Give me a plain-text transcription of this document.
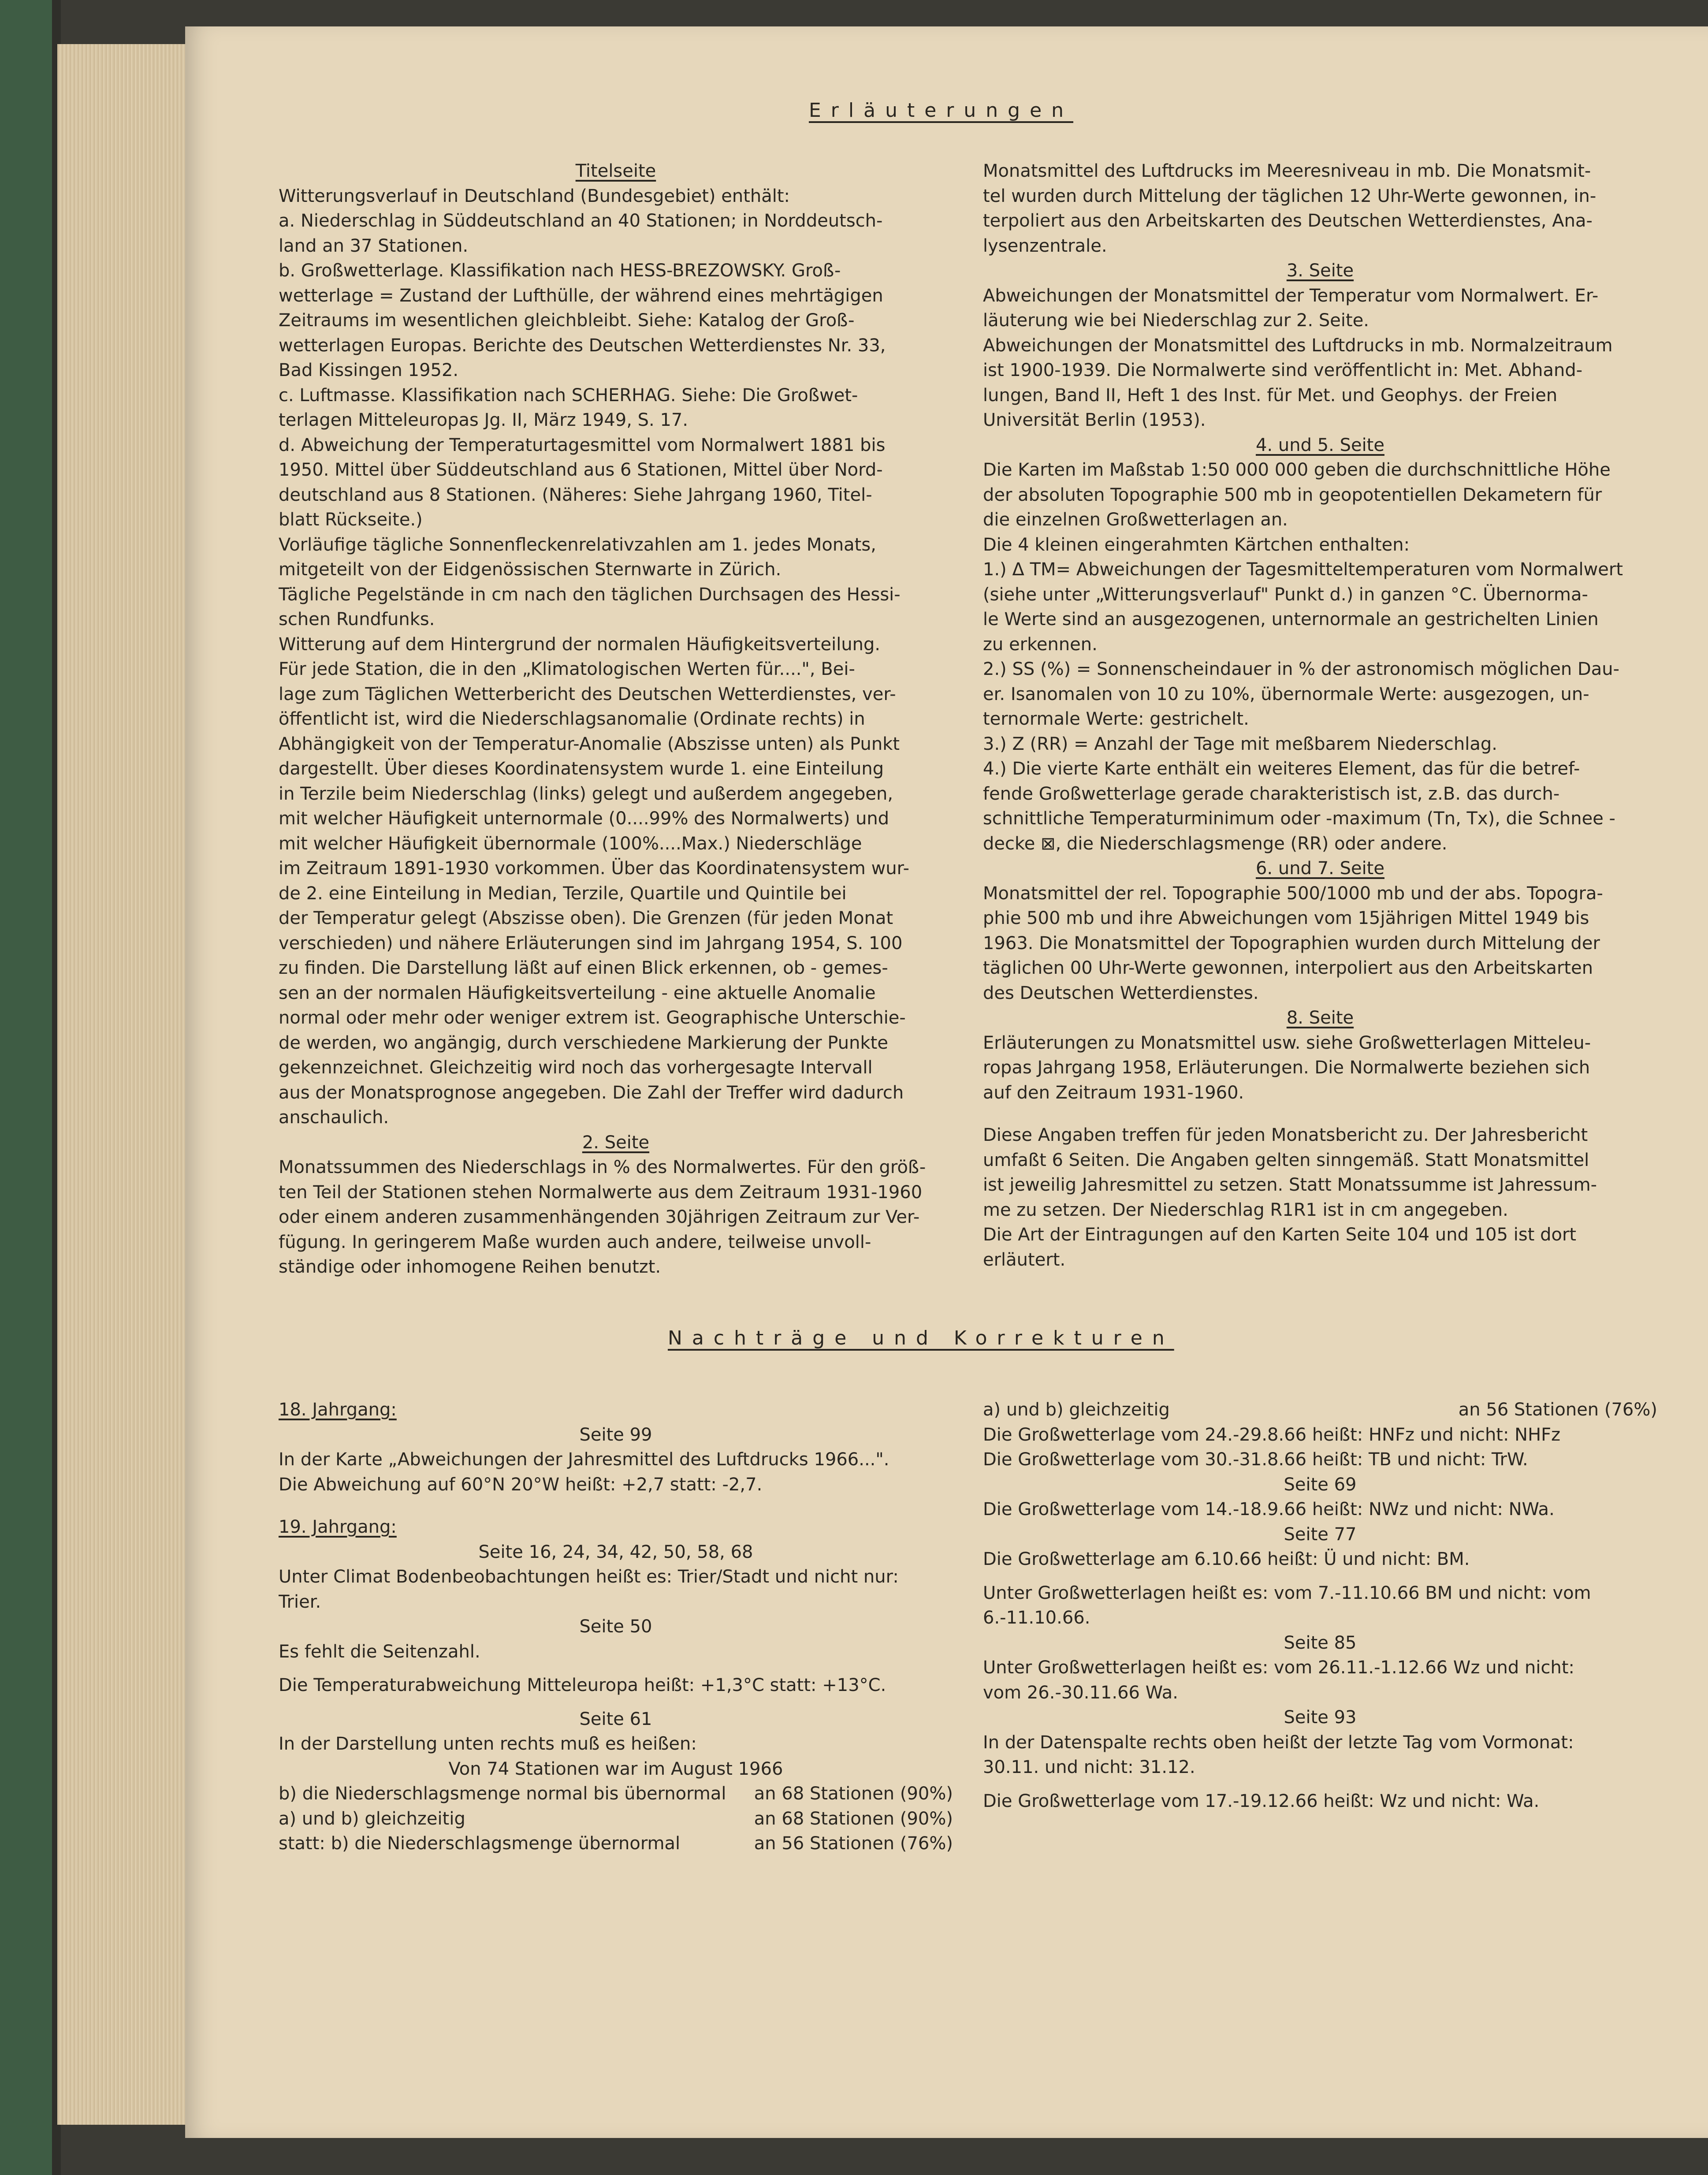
Erläuterungen
Titelseite
Witterungsverlauf in Deutschland (Bundesgebiet) enthält:
a. Niederschlag in Süddeutschland an 40 Stationen; in Norddeutsch-
land an 37 Stationen.
b. Großwetterlage. Klassifikation nach HESS-BREZOWSKY. Groß-
wetterlage = Zustand der Lufthülle, der während eines mehrtägigen
Zeitraums im wesentlichen gleichbleibt. Siehe: Katalog der Groß-
wetterlagen Europas. Berichte des Deutschen Wetterdienstes Nr. 33,
Bad Kissingen 1952.
c. Luftmasse. Klassifikation nach SCHERHAG. Siehe: Die Großwet-
terlagen Mitteleuropas Jg. II, März 1949, S. 17.
d. Abweichung der Temperaturtagesmittel vom Normalwert 1881 bis
1950. Mittel über Süddeutschland aus 6 Stationen, Mittel über Nord-
deutschland aus 8 Stationen. (Näheres: Siehe Jahrgang 1960, Titel-
blatt Rückseite.)
Vorläufige tägliche Sonnenfleckenrelativzahlen am 1. jedes Monats,
mitgeteilt von der Eidgenössischen Sternwarte in Zürich.
Tägliche Pegelstände in cm nach den täglichen Durchsagen des Hessi-
schen Rundfunks.
Witterung auf dem Hintergrund der normalen Häufigkeitsverteilung.
Für jede Station, die in den „Klimatologischen Werten für....", Bei-
lage zum Täglichen Wetterbericht des Deutschen Wetterdienstes, ver-
öffentlicht ist, wird die Niederschlagsanomalie (Ordinate rechts) in
Abhängigkeit von der Temperatur-Anomalie (Abszisse unten) als Punkt
dargestellt. Über dieses Koordinatensystem wurde 1. eine Einteilung
in Terzile beim Niederschlag (links) gelegt und außerdem angegeben,
mit welcher Häufigkeit unternormale (0....99% des Normalwerts) und
mit welcher Häufigkeit übernormale (100%....Max.) Niederschläge
im Zeitraum 1891-1930 vorkommen. Über das Koordinatensystem wur-
de 2. eine Einteilung in Median, Terzile, Quartile und Quintile bei
der Temperatur gelegt (Abszisse oben). Die Grenzen (für jeden Monat
verschieden) und nähere Erläuterungen sind im Jahrgang 1954, S. 100
zu finden. Die Darstellung läßt auf einen Blick erkennen, ob - gemes-
sen an der normalen Häufigkeitsverteilung - eine aktuelle Anomalie
normal oder mehr oder weniger extrem ist. Geographische Unterschie-
de werden, wo angängig, durch verschiedene Markierung der Punkte
gekennzeichnet. Gleichzeitig wird noch das vorhergesagte Intervall
aus der Monatsprognose angegeben. Die Zahl der Treffer wird dadurch
anschaulich.
2. Seite
Monatssummen des Niederschlags in % des Normalwertes. Für den größ-
ten Teil der Stationen stehen Normalwerte aus dem Zeitraum 1931-1960
oder einem anderen zusammenhängenden 30jährigen Zeitraum zur Ver-
fügung. In geringerem Maße wurden auch andere, teilweise unvoll-
ständige oder inhomogene Reihen benutzt.
Monatsmittel des Luftdrucks im Meeresniveau in mb. Die Monatsmit-
tel wurden durch Mittelung der täglichen 12 Uhr-Werte gewonnen, in-
terpoliert aus den Arbeitskarten des Deutschen Wetterdienstes, Ana-
lysenzentrale.
3. Seite
Abweichungen der Monatsmittel der Temperatur vom Normalwert. Er-
läuterung wie bei Niederschlag zur 2. Seite.
Abweichungen der Monatsmittel des Luftdrucks in mb. Normalzeitraum
ist 1900-1939. Die Normalwerte sind veröffentlicht in: Met. Abhand-
lungen, Band II, Heft 1 des Inst. für Met. und Geophys. der Freien
Universität Berlin (1953).
4. und 5. Seite
Die Karten im Maßstab 1:50 000 000 geben die durchschnittliche Höhe
der absoluten Topographie 500 mb in geopotentiellen Dekametern für
die einzelnen Großwetterlagen an.
Die 4 kleinen eingerahmten Kärtchen enthalten:
1.) Δ TM= Abweichungen der Tagesmitteltemperaturen vom Normalwert
(siehe unter „Witterungsverlauf" Punkt d.) in ganzen °C. Übernorma-
le Werte sind an ausgezogenen, unternormale an gestrichelten Linien
zu erkennen.
2.) SS (%) = Sonnenscheindauer in % der astronomisch möglichen Dau-
er. Isanomalen von 10 zu 10%, übernormale Werte: ausgezogen, un-
ternormale Werte: gestrichelt.
3.) Z (RR) = Anzahl der Tage mit meßbarem Niederschlag.
4.) Die vierte Karte enthält ein weiteres Element, das für die betref-
fende Großwetterlage gerade charakteristisch ist, z.B. das durch-
schnittliche Temperaturminimum oder -maximum (Tn, Tx), die Schnee -
decke ⊠, die Niederschlagsmenge (RR) oder andere.
6. und 7. Seite
Monatsmittel der rel. Topographie 500/1000 mb und der abs. Topogra-
phie 500 mb und ihre Abweichungen vom 15jährigen Mittel 1949 bis
1963. Die Monatsmittel der Topographien wurden durch Mittelung der
täglichen 00 Uhr-Werte gewonnen, interpoliert aus den Arbeitskarten
des Deutschen Wetterdienstes.
8. Seite
Erläuterungen zu Monatsmittel usw. siehe Großwetterlagen Mitteleu-
ropas Jahrgang 1958, Erläuterungen. Die Normalwerte beziehen sich
auf den Zeitraum 1931-1960.
Diese Angaben treffen für jeden Monatsbericht zu. Der Jahresbericht
umfaßt 6 Seiten. Die Angaben gelten sinngemäß. Statt Monatsmittel
ist jeweilig Jahresmittel zu setzen. Statt Monatssumme ist Jahressum-
me zu setzen. Der Niederschlag R1R1 ist in cm angegeben.
Die Art der Eintragungen auf den Karten Seite 104 und 105 ist dort
erläutert.
Nachträge und Korrekturen
18. Jahrgang:
Seite 99
In der Karte „Abweichungen der Jahresmittel des Luftdrucks 1966...".
Die Abweichung auf 60°N 20°W heißt: +2,7 statt: -2,7.
19. Jahrgang:
Seite 16, 24, 34, 42, 50, 58, 68
Unter Climat Bodenbeobachtungen heißt es: Trier/Stadt und nicht nur:
Trier.
Seite 50
Es fehlt die Seitenzahl.
Die Temperaturabweichung Mitteleuropa heißt: +1,3°C statt: +13°C.
Seite 61
In der Darstellung unten rechts muß es heißen:
Von 74 Stationen war im August 1966
b) die Niederschlagsmenge normal bis übernormal an 68 Stationen (90%)
a) und b) gleichzeitig	an 68 Stationen (90%)
statt: b) die Niederschlagsmenge übernormal	an 56 Stationen (76%)
a) und b) gleichzeitig	an 56 Stationen (76%)
Die Großwetterlage vom 24.-29.8.66 heißt: HNFz und nicht: NHFz
Die Großwetterlage vom 30.-31.8.66 heißt: TB und nicht: TrW.
Seite 69
Die Großwetterlage vom 14.-18.9.66 heißt: NWz und nicht: NWa.
Seite 77
Die Großwetterlage am 6.10.66 heißt: Ü und nicht: BM.
Unter Großwetterlagen heißt es: vom 7.-11.10.66 BM und nicht: vom
6.-11.10.66.
Seite 85
Unter Großwetterlagen heißt es: vom 26.11.-1.12.66 Wz und nicht:
vom 26.-30.11.66 Wa.
Seite 93
In der Datenspalte rechts oben heißt der letzte Tag vom Vormonat:
30.11. und nicht: 31.12.
Die Großwetterlage vom 17.-19.12.66 heißt: Wz und nicht: Wa.
